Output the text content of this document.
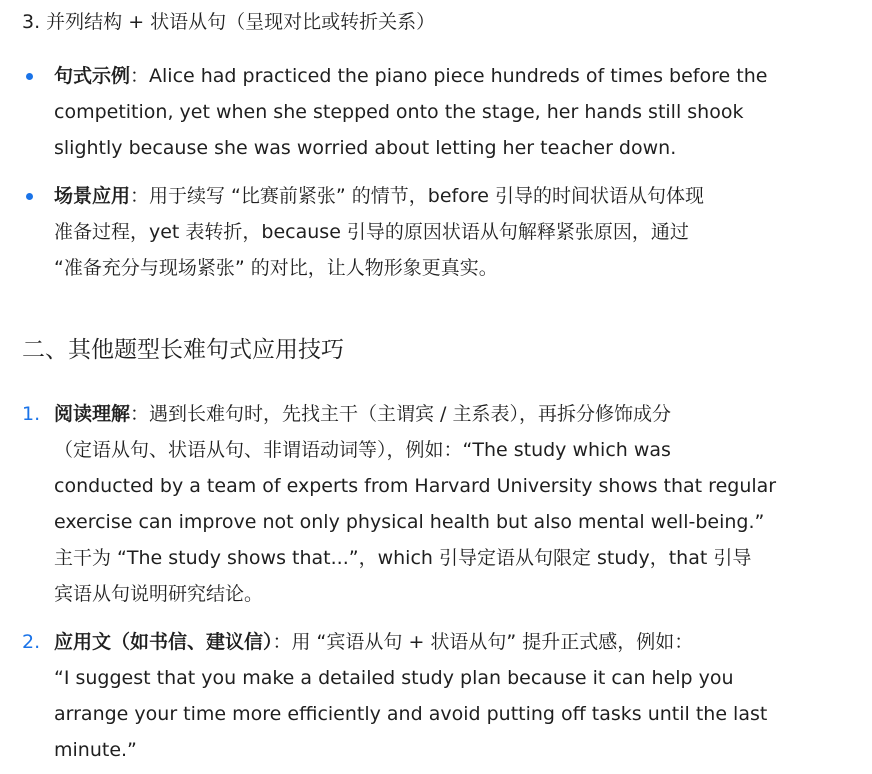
3. 并列结构 + 状语从句（呈现对比或转折关系）

句式示例：Alice had practiced the piano piece hundreds of times before the
competition, yet when she stepped onto the stage, her hands still shook
slightly because she was worried about letting her teacher down.

场景应用：用于续写 “比赛前紧张” 的情节，before 引导的时间状语从句体现
准备过程，yet 表转折，because 引导的原因状语从句解释紧张原因，通过
“准备充分与现场紧张” 的对比，让人物形象更真实。

二、其他题型长难句式应用技巧
1. 阅读理解：遇到长难句时，先找主干（主谓宾 / 主系表），再拆分修饰成分
（定语从句、状语从句、非谓语动词等），例如：“The study which was
conducted by a team of experts from Harvard University shows that regular
exercise can improve not only physical health but also mental well-being.”
主干为 “The study shows that...”，which 引导定语从句限定 study，that 引导
宾语从句说明研究结论。

2. 应用文（如书信、建议信）：用 “宾语从句 + 状语从句” 提升正式感，例如：
“I suggest that you make a detailed study plan because it can help you
arrange your time more efficiently and avoid putting off tasks until the last
minute.”
